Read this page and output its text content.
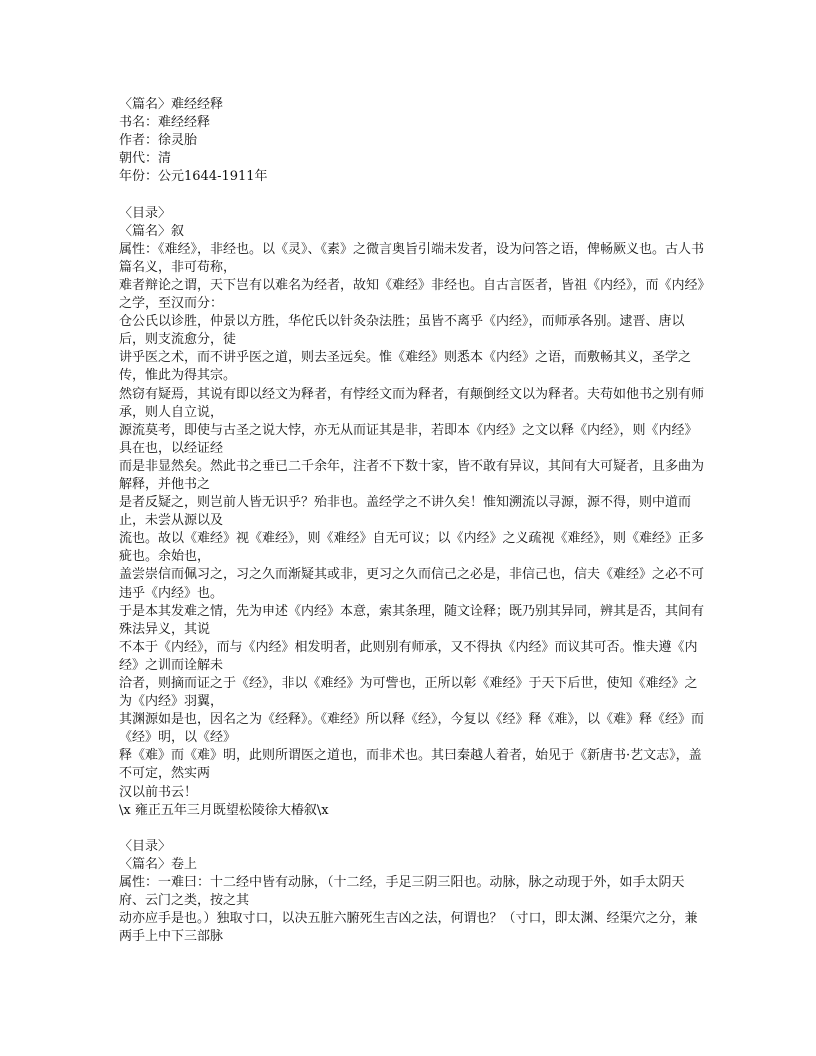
〈篇名〉难经经释
书名：难经经释
作者：徐灵胎
朝代：清
年份：公元1644-1911年
〈目录〉
〈篇名〉叙
属性：《难经》，非经也。以《灵》、《素》之微言奥旨引端未发者，设为问答之语，俾畅厥义也。古人书篇名义，非可苟称，
难者辩论之谓，天下岂有以难名为经者，故知《难经》非经也。自古言医者，皆祖《内经》，而《内经》之学，至汉而分：
仓公氏以诊胜，仲景以方胜，华佗氏以针灸杂法胜；虽皆不离乎《内经》，而师承各别。逮晋、唐以后，则支流愈分，徒
讲乎医之术，而不讲乎医之道，则去圣远矣。惟《难经》则悉本《内经》之语，而敷畅其义，圣学之传，惟此为得其宗。
然窃有疑焉，其说有即以经文为释者，有悖经文而为释者，有颠倒经文以为释者。夫苟如他书之别有师承，则人自立说，
源流莫考，即使与古圣之说大悖，亦无从而证其是非，若即本《内经》之文以释《内经》，则《内经》具在也，以经证经
而是非显然矣。然此书之垂已二千余年，注者不下数十家，皆不敢有异议，其间有大可疑者，且多曲为解释，并他书之
是者反疑之，则岂前人皆无识乎？殆非也。盖经学之不讲久矣！惟知溯流以寻源，源不得，则中道而止，未尝从源以及
流也。故以《难经》视《难经》，则《难经》自无可议；以《内经》之义疏视《难经》，则《难经》正多疵也。余始也，
盖尝崇信而佩习之，习之久而渐疑其或非，更习之久而信己之必是，非信己也，信夫《难经》之必不可违乎《内经》也。
于是本其发难之情，先为申述《内经》本意，索其条理，随文诠释；既乃别其异同，辨其是否，其间有殊法异义，其说
不本于《内经》，而与《内经》相发明者，此则别有师承，又不得执《内经》而议其可否。惟夫遵《内经》之训而诠解未
洽者，则摘而证之于《经》，非以《难经》为可訾也，正所以彰《难经》于天下后世，使知《难经》之为《内经》羽翼，
其渊源如是也，因名之为《经释》。《难经》所以释《经》，今复以《经》释《难》，以《难》释《经》而《经》明，以《经》
释《难》而《难》明，此则所谓医之道也，而非术也。其曰秦越人着者，始见于《新唐书·艺文志》，盖不可定，然实两
汉以前书云！
\x 雍正五年三月既望松陵徐大椿叙\x
〈目录〉
〈篇名〉卷上
属性：一难曰：十二经中皆有动脉，（十二经，手足三阴三阳也。动脉，脉之动现于外，如手太阴天府、云门之类，按之其
动亦应手是也。）独取寸口，以决五脏六腑死生吉凶之法，何谓也？（寸口，即太渊、经渠穴之分，兼两手上中下三部脉
